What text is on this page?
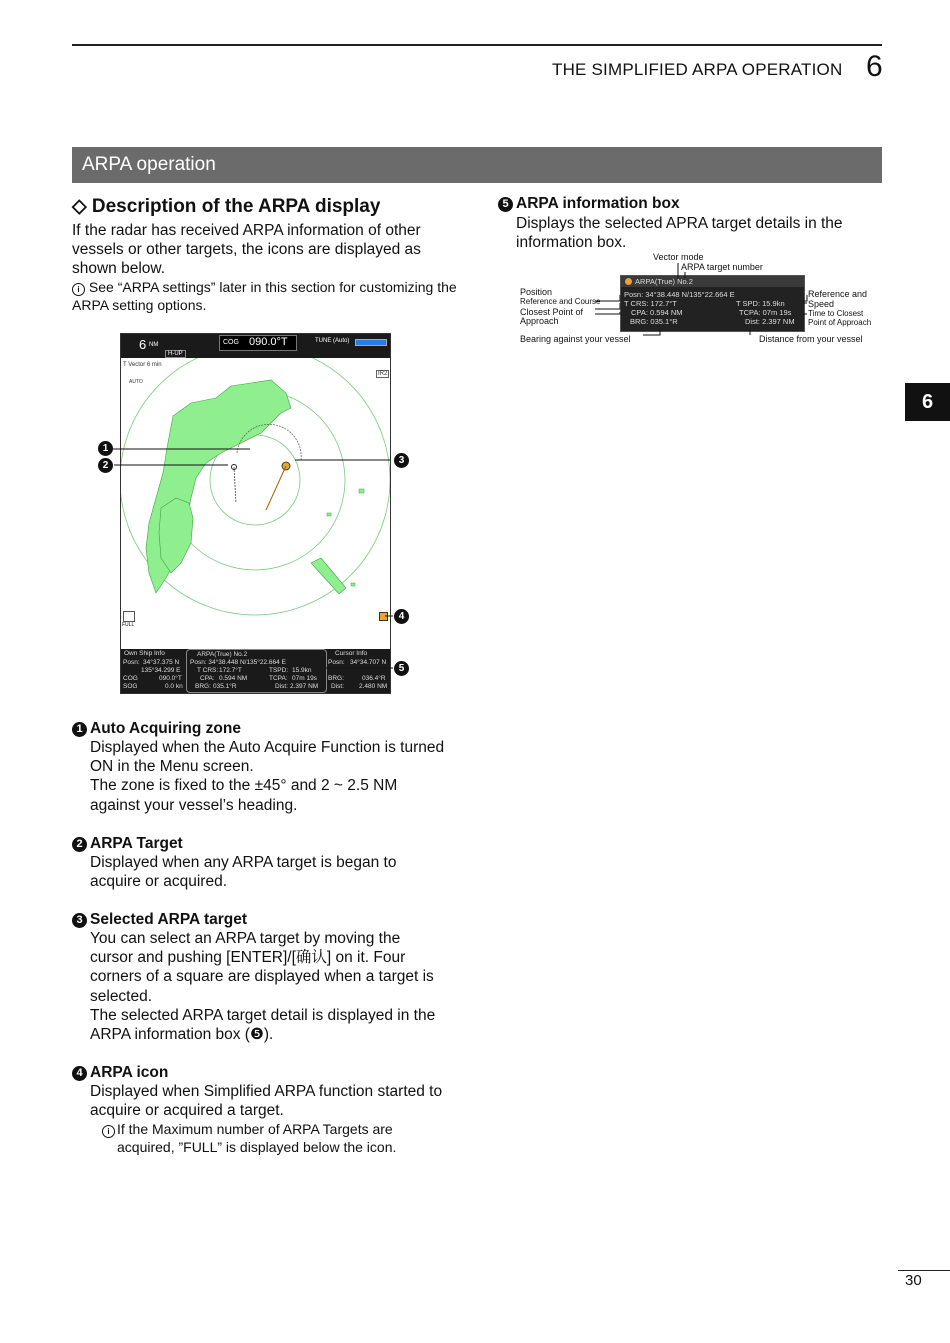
THE SIMPLIFIED ARPA OPERATION 6
ARPA operation
◇ Description of the ARPA display
If the radar has received ARPA information of other vessels or other targets, the icons are displayed as shown below.
i See “ARPA settings” later in this section for customizing the ARPA setting options.
6 NM
H-UP
COG 090.0°T	TUNE (Auto)
T Vector 6 min
AUTO
IR2
FULL
Own Ship Info
Posn: 34°37.375 N
135°34.299 E
COG	090.0°T
SOG	0.0 kn
ARPA(True) No.2
Posn: 34°38.448 N/135°22.664 E
T CRS: 172.7°T	TSPD: 15.9kn
CPA: 0.594 NM	TCPA: 07m 19s
BRG: 035.1°R	Dist: 2.397 NM
Cursor Info
Posn: 34°34.707 N
BRG:	036.4°R
Dist: 2.480 NM
1
2	3
4
5
1 Auto Acquiring zone
Displayed when the Auto Acquire Function is turned
ON in the Menu screen.
The zone is fixed to the ±45° and 2 ~ 2.5 NM
against your vessel’s heading.
2 ARPA Target
Displayed when any ARPA target is began to
acquire or acquired.
3 Selected ARPA target
You can select an ARPA target by moving the
cursor and pushing [ENTER]/[确认] on it. Four
corners of a square are displayed when a target is
selected.
The selected ARPA target detail is displayed in the
ARPA information box (❺).
4 ARPA icon
Displayed when Simplified ARPA function started to
acquire or acquired a target.
i If the Maximum number of ARPA Targets are
acquired, ”FULL” is displayed below the icon.
5 ARPA information box
Displays the selected APRA target details in the information box.
ARPA(True) No.2
Posn: 34°38.448 N/135°22.664 E
T CRS: 172.7°T	T SPD: 15.9kn
CPA: 0.594 NM	TCPA: 07m 19s
BRG: 035.1°R	Dist: 2.397 NM
Vector mode
ARPA target number
Position
Reference and Course
Closest Point of
Approach
Bearing against your vessel
Reference and
Speed
Time to Closest
Point of Approach
Distance from your vessel
6
30
